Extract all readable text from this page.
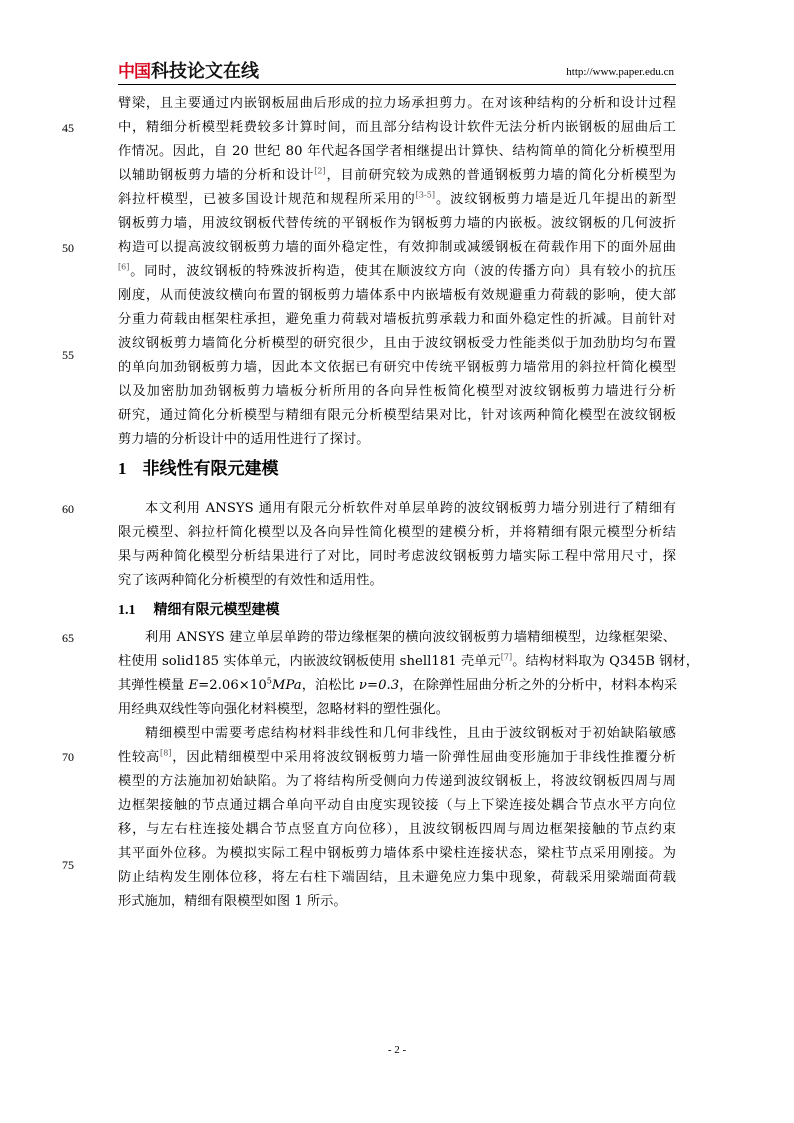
中国 科技论文在线	http://www.paper.edu.cn
45
50
55
60
65
70
75
臂梁，且主要通过内嵌钢板屈曲后形成的拉力场承担剪力。在对该种结构的分析和设计过程
中，精细分析模型耗费较多计算时间，而且部分结构设计软件无法分析内嵌钢板的屈曲后工
作情况。因此，自 20 世纪 80 年代起各国学者相继提出计算快、结构简单的简化分析模型用
以辅助钢板剪力墙的分析和设计[2]，目前研究较为成熟的普通钢板剪力墙的简化分析模型为
斜拉杆模型，已被多国设计规范和规程所采用的[3-5]。波纹钢板剪力墙是近几年提出的新型
钢板剪力墙，用波纹钢板代替传统的平钢板作为钢板剪力墙的内嵌板。波纹钢板的几何波折
构造可以提高波纹钢板剪力墙的面外稳定性，有效抑制或减缓钢板在荷载作用下的面外屈曲
[6]。同时，波纹钢板的特殊波折构造，使其在顺波纹方向（波的传播方向）具有较小的抗压
刚度，从而使波纹横向布置的钢板剪力墙体系中内嵌墙板有效规避重力荷载的影响，使大部
分重力荷载由框架柱承担，避免重力荷载对墙板抗剪承载力和面外稳定性的折减。目前针对
波纹钢板剪力墙简化分析模型的研究很少，且由于波纹钢板受力性能类似于加劲肋均匀布置
的单向加劲钢板剪力墙，因此本文依据已有研究中传统平钢板剪力墙常用的斜拉杆简化模型
以及加密肋加劲钢板剪力墙板分析所用的各向异性板简化模型对波纹钢板剪力墙进行分析
研究，通过简化分析模型与精细有限元分析模型结果对比，针对该两种简化模型在波纹钢板
剪力墙的分析设计中的适用性进行了探讨。
1 非线性有限元建模
本文利用 ANSYS 通用有限元分析软件对单层单跨的波纹钢板剪力墙分别进行了精细有
限元模型、斜拉杆简化模型以及各向异性简化模型的建模分析，并将精细有限元模型分析结
果与两种简化模型分析结果进行了对比，同时考虑波纹钢板剪力墙实际工程中常用尺寸，探
究了该两种简化分析模型的有效性和适用性。
1.1 精细有限元模型建模
利用 ANSYS 建立单层单跨的带边缘框架的横向波纹钢板剪力墙精细模型，边缘框架梁、
柱使用 solid185 实体单元，内嵌波纹钢板使用 shell181 壳单元[7]。结构材料取为 Q345B 钢材，
其弹性模量 $E=2.06\times 10^5MPa$，泊松比 ν=0.3，在除弹性屈曲分析之外的分析中，材料本构采
用经典双线性等向强化材料模型，忽略材料的塑性强化。
精细模型中需要考虑结构材料非线性和几何非线性，且由于波纹钢板对于初始缺陷敏感
性较高[8]，因此精细模型中采用将波纹钢板剪力墙一阶弹性屈曲变形施加于非线性推覆分析
模型的方法施加初始缺陷。为了将结构所受侧向力传递到波纹钢板上，将波纹钢板四周与周
边框架接触的节点通过耦合单向平动自由度实现铰接（与上下梁连接处耦合节点水平方向位
移，与左右柱连接处耦合节点竖直方向位移），且波纹钢板四周与周边框架接触的节点约束
其平面外位移。为模拟实际工程中钢板剪力墙体系中梁柱连接状态，梁柱节点采用刚接。为
防止结构发生刚体位移，将左右柱下端固结，且未避免应力集中现象，荷载采用梁端面荷载
形式施加，精细有限模型如图 1 所示。
- 2 -
